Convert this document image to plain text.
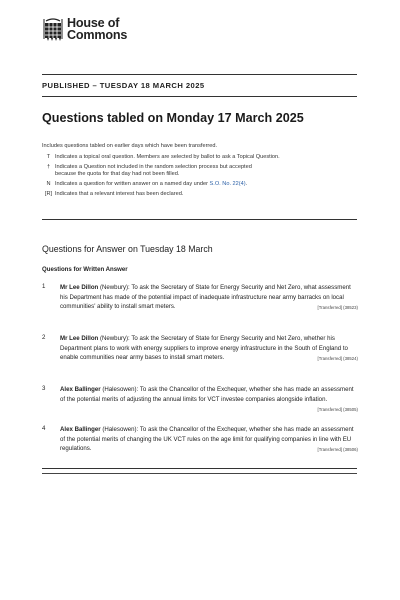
House of
Commons
PUBLISHED – TUESDAY 18 MARCH 2025
Questions tabled on Monday 17 March 2025
Includes questions tabled on earlier days which have been transferred.
T Indicates a topical oral question. Members are selected by ballot to ask a Topical Question.
† Indicates a Question not included in the random selection process but accepted because the quota for that day had not been filled.
N Indicates a question for written answer on a named day under S.O. No. 22(4).
[R] Indicates that a relevant interest has been declared.
Questions for Answer on Tuesday 18 March
Questions for Written Answer
1 Mr Lee Dillon (Newbury): To ask the Secretary of State for Energy Security and Net Zero, what assessment his Department has made of the potential impact of inadequate infrastructure near army barracks on local communities' ability to install smart meters.	[Transferred] (38523)
2 Mr Lee Dillon (Newbury): To ask the Secretary of State for Energy Security and Net Zero, whether his Department plans to work with energy suppliers to improve energy infrastructure in the South of England to enable communities near army bases to install smart meters.	[Transferred] (38524)
3 Alex Ballinger (Halesowen): To ask the Chancellor of the Exchequer, whether she has made an assessment of the potential merits of adjusting the annual limits for VCT investee companies alongside inflation.
[Transferred] (38505)
4 Alex Ballinger (Halesowen): To ask the Chancellor of the Exchequer, whether she has made an assessment of the potential merits of changing the UK VCT rules on the age limit for qualifying companies in line with EU regulations.	[Transferred] (38506)
